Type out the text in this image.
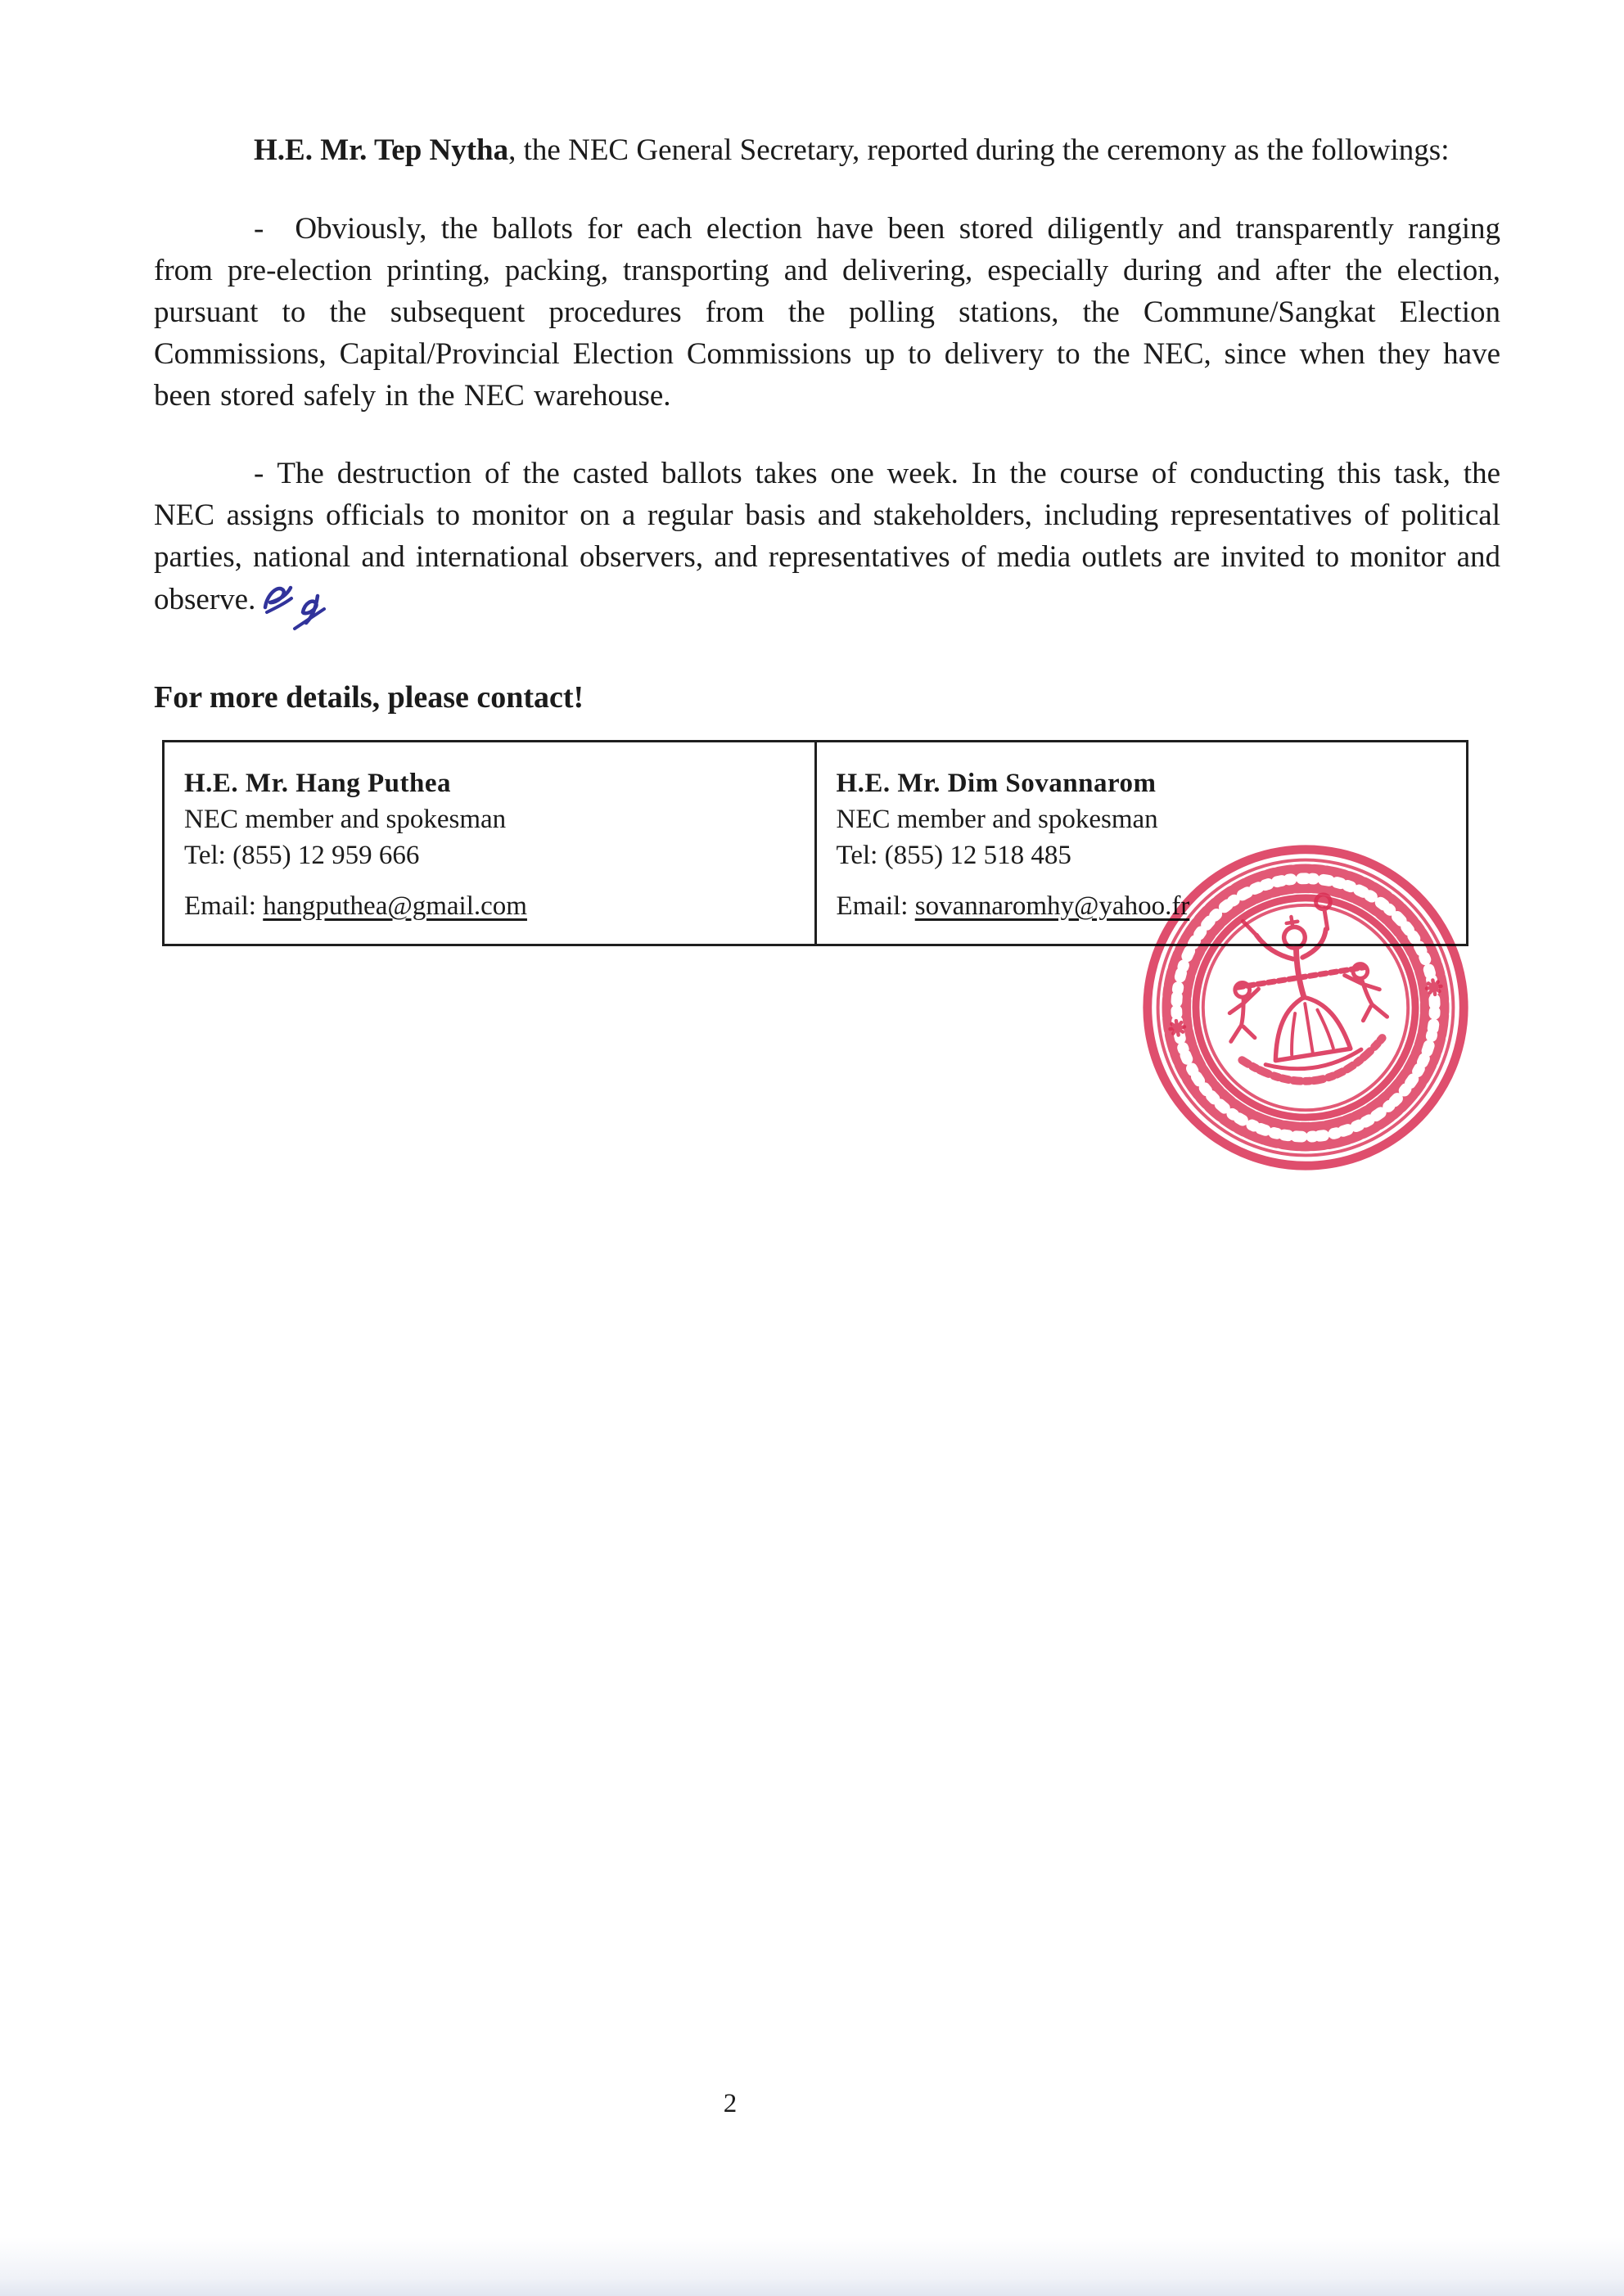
H.E. Mr. Tep Nytha, the NEC General Secretary, reported during the ceremony as the followings:

- Obviously, the ballots for each election have been stored diligently and transparently ranging from pre-election printing, packing, transporting and delivering, especially during and after the election, pursuant to the subsequent procedures from the polling stations, the Commune/Sangkat Election Commissions, Capital/Provincial Election Commissions up to delivery to the NEC, since when they have been stored safely in the NEC warehouse.

- The destruction of the casted ballots takes one week. In the course of conducting this task, the NEC assigns officials to monitor on a regular basis and stakeholders, including representatives of political parties, national and international observers, and representatives of media outlets are invited to monitor and observe.

For more details, please contact!

H.E. Mr. Hang Puthea

NEC member and spokesman

Tel: (855) 12 959 666

Email: hangputhea@gmail.com

H.E. Mr. Dim Sovannarom

NEC member and spokesman

Tel: (855) 12 518 485

Email: sovannaromhy@yahoo.fr

2
